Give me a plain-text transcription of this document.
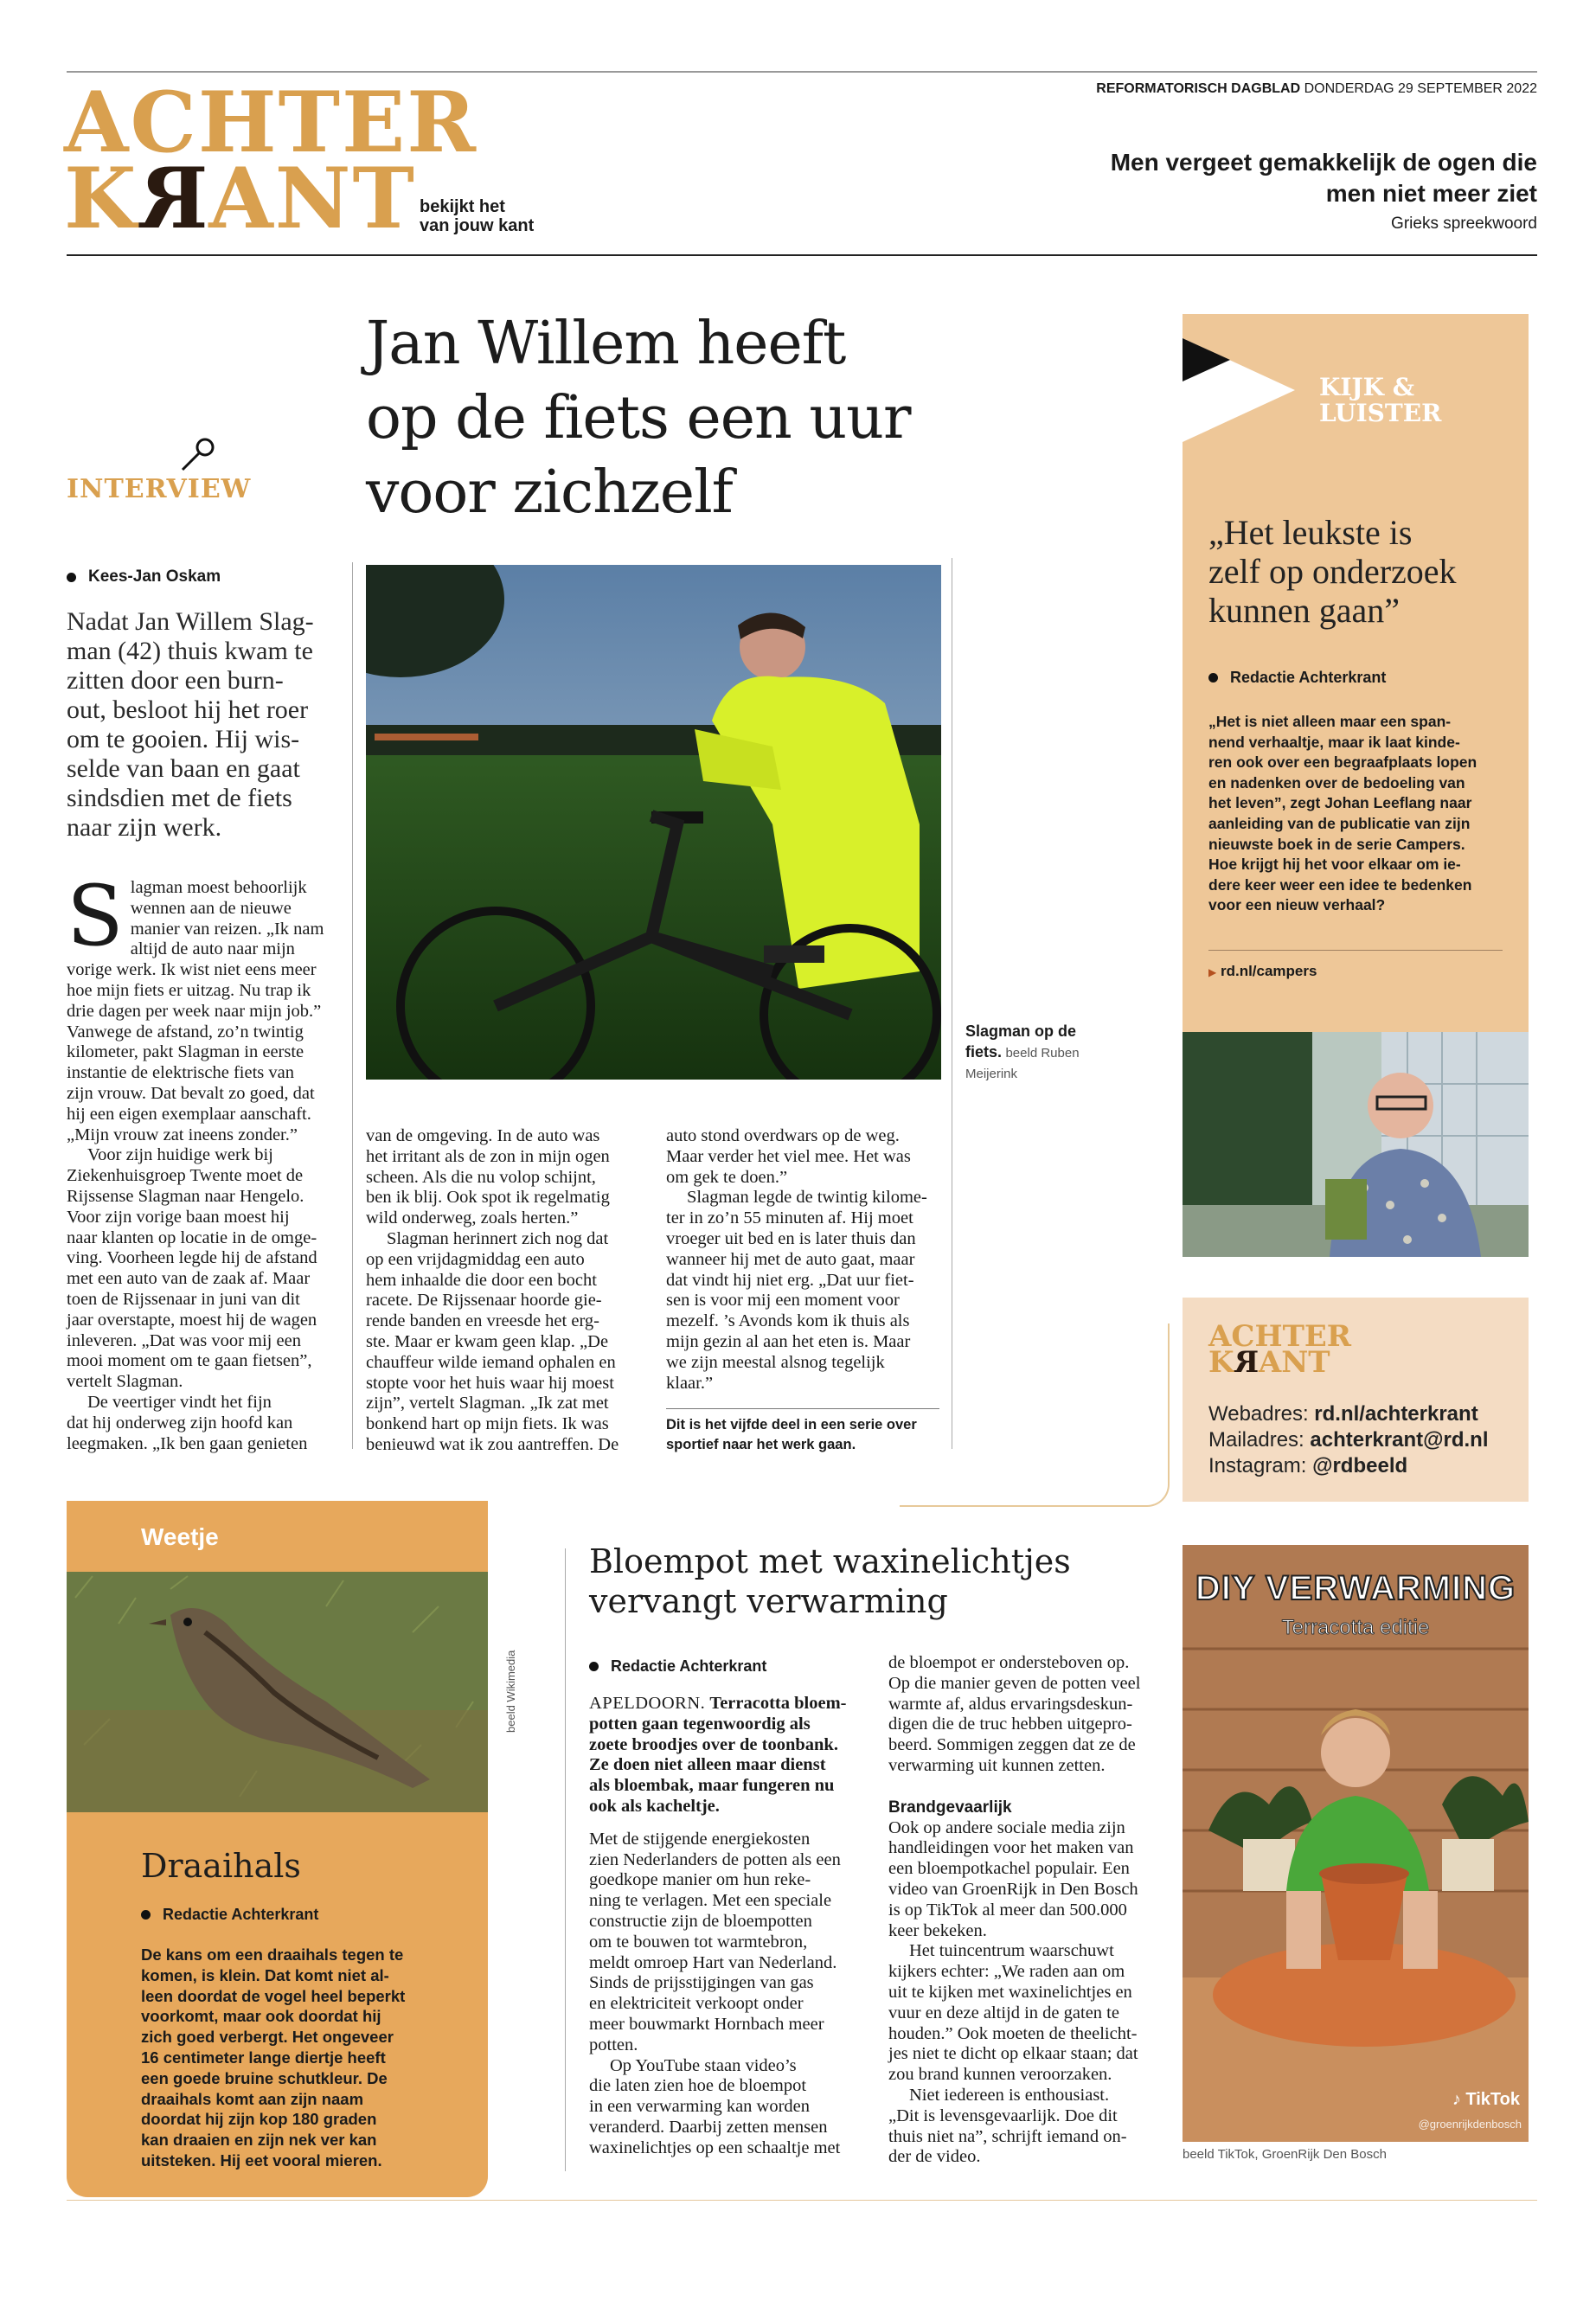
ACHTER
KRANT bekijkt het
van jouw kant
REFORMATORISCH DAGBLAD DONDERDAG 29 SEPTEMBER 2022
Men vergeet gemakkelijk de ogen die
men niet meer ziet
Grieks spreekwoord
INTERVIEW
Jan Willem heeft
op de fiets een uur
voor zichzelf
Kees-Jan Oskam
Nadat Jan Willem Slag-
man (42) thuis kwam te
zitten door een burn-
out, besloot hij het roer
om te gooien. Hij wis-
selde van baan en gaat
sindsdien met de fiets
naar zijn werk.
Slagman op de
fiets. beeld Ruben
Meijerink
S lagman moest behoorlijk
wennen aan de nieuwe
manier van reizen. „Ik nam
altijd de auto naar mijn
vorige werk. Ik wist niet eens meer
hoe mijn fiets er uitzag. Nu trap ik
drie dagen per week naar mijn job.”
Vanwege de afstand, zo’n twintig
kilometer, pakt Slagman in eerste
instantie de elektrische fiets van
zijn vrouw. Dat bevalt zo goed, dat
hij een eigen exemplaar aanschaft.
„Mijn vrouw zat ineens zonder.”

Voor zijn huidige werk bij
Ziekenhuisgroep Twente moet de
Rijssense Slagman naar Hengelo.
Voor zijn vorige baan moest hij
naar klanten op locatie in de omge-
ving. Voorheen legde hij de afstand
met een auto van de zaak af. Maar
toen de Rijssenaar in juni van dit
jaar overstapte, moest hij de wagen
inleveren. „Dat was voor mij een
mooi moment om te gaan fietsen”,
vertelt Slagman.

De veertiger vindt het fijn
dat hij onderweg zijn hoofd kan
leegmaken. „Ik ben gaan genieten

van de omgeving. In de auto was
het irritant als de zon in mijn ogen
scheen. Als die nu volop schijnt,
ben ik blij. Ook spot ik regelmatig
wild onderweg, zoals herten.”

Slagman herinnert zich nog dat
op een vrijdagmiddag een auto
hem inhaalde die door een bocht
racete. De Rijssenaar hoorde gie-
rende banden en vreesde het erg-
ste. Maar er kwam geen klap. „De
chauffeur wilde iemand ophalen en
stopte voor het huis waar hij moest
zijn”, vertelt Slagman. „Ik zat met
bonkend hart op mijn fiets. Ik was
benieuwd wat ik zou aantreffen. De

auto stond overdwars op de weg.
Maar verder het viel mee. Het was
om gek te doen.”

Slagman legde de twintig kilome-
ter in zo’n 55 minuten af. Hij moet
vroeger uit bed en is later thuis dan
wanneer hij met de auto gaat, maar
dat vindt hij niet erg. „Dat uur fiet-
sen is voor mij een moment voor
mezelf. ’s Avonds kom ik thuis als
mijn gezin al aan het eten is. Maar
we zijn meestal alsnog tegelijk
klaar.”

Dit is het vijfde deel in een serie over
sportief naar het werk gaan.
KIJK &
LUISTER
„Het leukste is
zelf op onderzoek
kunnen gaan”
Redactie Achterkrant
„Het is niet alleen maar een span-
nend verhaaltje, maar ik laat kinde-
ren ook over een begraafplaats lopen
en nadenken over de bedoeling van
het leven”, zegt Johan Leeflang naar
aanleiding van de publicatie van zijn
nieuwste boek in de serie Campers.
Hoe krijgt hij het voor elkaar om ie-
dere keer weer een idee te bedenken
voor een nieuw verhaal?
▶ rd.nl/campers
ACHTER
KRANT
Webadres: rd.nl/achterkrant
Mailadres: achterkrant@rd.nl
Instagram: @rdbeeld
Weetje
beeld Wikimedia
Draaihals
Redactie Achterkrant
De kans om een draaihals tegen te
komen, is klein. Dat komt niet al-
leen doordat de vogel heel beperkt
voorkomt, maar ook doordat hij
zich goed verbergt. Het ongeveer
16 centimeter lange diertje heeft
een goede bruine schutkleur. De
draaihals komt aan zijn naam
doordat hij zijn kop 180 graden
kan draaien en zijn nek ver kan
uitsteken. Hij eet vooral mieren.
Bloempot met waxinelichtjes
vervangt verwarming
Redactie Achterkrant

APELDOORN. Terracotta bloem-
potten gaan tegenwoordig als
zoete broodjes over de toonbank.
Ze doen niet alleen maar dienst
als bloembak, maar fungeren nu
ook als kacheltje.

Met de stijgende energiekosten
zien Nederlanders de potten als een
goedkope manier om hun reke-
ning te verlagen. Met een speciale
constructie zijn de bloempotten
om te bouwen tot warmtebron,
meldt omroep Hart van Nederland.
Sinds de prijsstijgingen van gas
en elektriciteit verkoopt onder
meer bouwmarkt Hornbach meer
potten.

Op YouTube staan video’s
die laten zien hoe de bloempot
in een verwarming kan worden
veranderd. Daarbij zetten mensen
waxinelichtjes op een schaaltje met

de bloempot er ondersteboven op.
Op die manier geven de potten veel
warmte af, aldus ervaringsdeskun-
digen die de truc hebben uitgepro-
beerd. Sommigen zeggen dat ze de
verwarming uit kunnen zetten.

Brandgevaarlijk

Ook op andere sociale media zijn
handleidingen voor het maken van
een bloempotkachel populair. Een
video van GroenRijk in Den Bosch
is op TikTok al meer dan 500.000
keer bekeken.

Het tuincentrum waarschuwt
kijkers echter: „We raden aan om
uit te kijken met waxinelichtjes en
vuur en deze altijd in de gaten te
houden.” Ook moeten de theelicht-
jes niet te dicht op elkaar staan; dat
zou brand kunnen veroorzaken.

Niet iedereen is enthousiast.
„Dit is levensgevaarlijk. Doe dit
thuis niet na”, schrijft iemand on-
der de video.

DIY VERWARMING
Terracotta editie
♪ TikTok
@groenrijkdenbosch
beeld TikTok, GroenRijk Den Bosch
